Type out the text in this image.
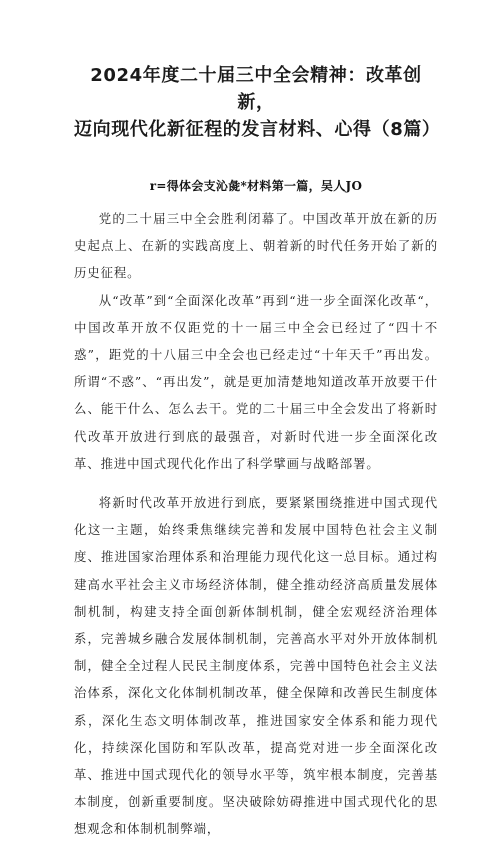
2024年度二十届三中全会精神：改革创新，
迈向现代化新征程的发言材料、心得（8篇）
r=得体会支沁彘*材料第一篇，吴人JO

党的二十届三中全会胜利闭幕了。中国改革开放在新的历史起点上、在新的实践高度上、朝着新的时代任务开始了新的历史征程。

从“改革”到“全面深化改革”再到“进一步全面深化改革“，中国改革开放不仅距党的十一届三中全会已经过了“四十不惑”，距党的十八届三中全会也已经走过“十年天千”再出发。所谓“不惑”、“再出发”，就是更加清楚地知道改革开放要干什么、能干什么、怎么去干。党的二十届三中全会发出了将新时代改革开放进行到底的最强音，对新时代进一步全面深化改革、推进中国式现代化作出了科学擘画与战略部署。

将新时代改革开放进行到底，要紧紧围绕推进中国式现代化这一主题，始终秉焦继续完善和发展中国特色社会主义制度、推进国家治理体系和治理能力现代化这一总目标。通过构建高水平社会主义市场经济体制，健全推动经济高质量发展体制机制，构建支持全面创新体制机制，健全宏观经济治理体系，完善城乡融合发展体制机制，完善高水平对外开放体制机制，健全全过程人民民主制度体系，完善中国特色社会主义法治体系，深化文化体制机制改革，健全保障和改善民生制度体系，深化生态文明体制改革，推进国家安全体系和能力现代化，持续深化国防和军队改革，提高党对进一步全面深化改革、推进中国式现代化的领导水平等，筑牢根本制度，完善基本制度，创新重要制度。坚决破除妨碍推进中国式现代化的思想观念和体制机制弊端，
